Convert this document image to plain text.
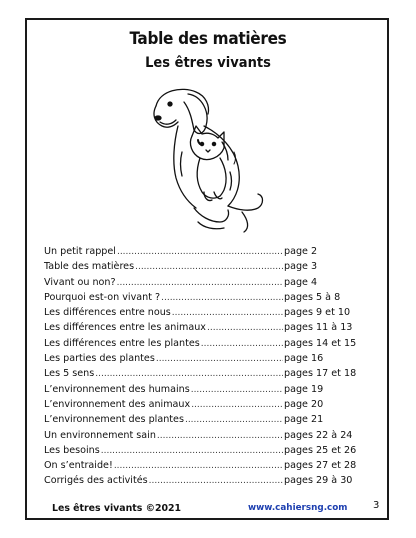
Table des matières
Les êtres vivants
Un petit rappel .....	page 2
Table des matières .....	page 3
Vivant ou non? .....	page 4
Pourquoi est-on vivant ? .....	pages 5 à 8
Les différences entre nous .....	pages 9 et 10
Les différences entre les animaux .....	pages 11 à 13
Les différences entre les plantes .....	pages 14 et 15
Les parties des plantes .....	page 16
Les 5 sens .....	pages 17 et 18
L’environnement des humains .....	page 19
L’environnement des animaux .....	page 20
L’environnement des plantes .....	page 21
Un environnement sain .....	pages 22 à 24
Les besoins .....	pages 25 et 26
On s’entraide! .....	pages 27 et 28
Corrigés des activités .....	pages 29 à 30
Les êtres vivants ©2021	www.cahiersng.com	3
